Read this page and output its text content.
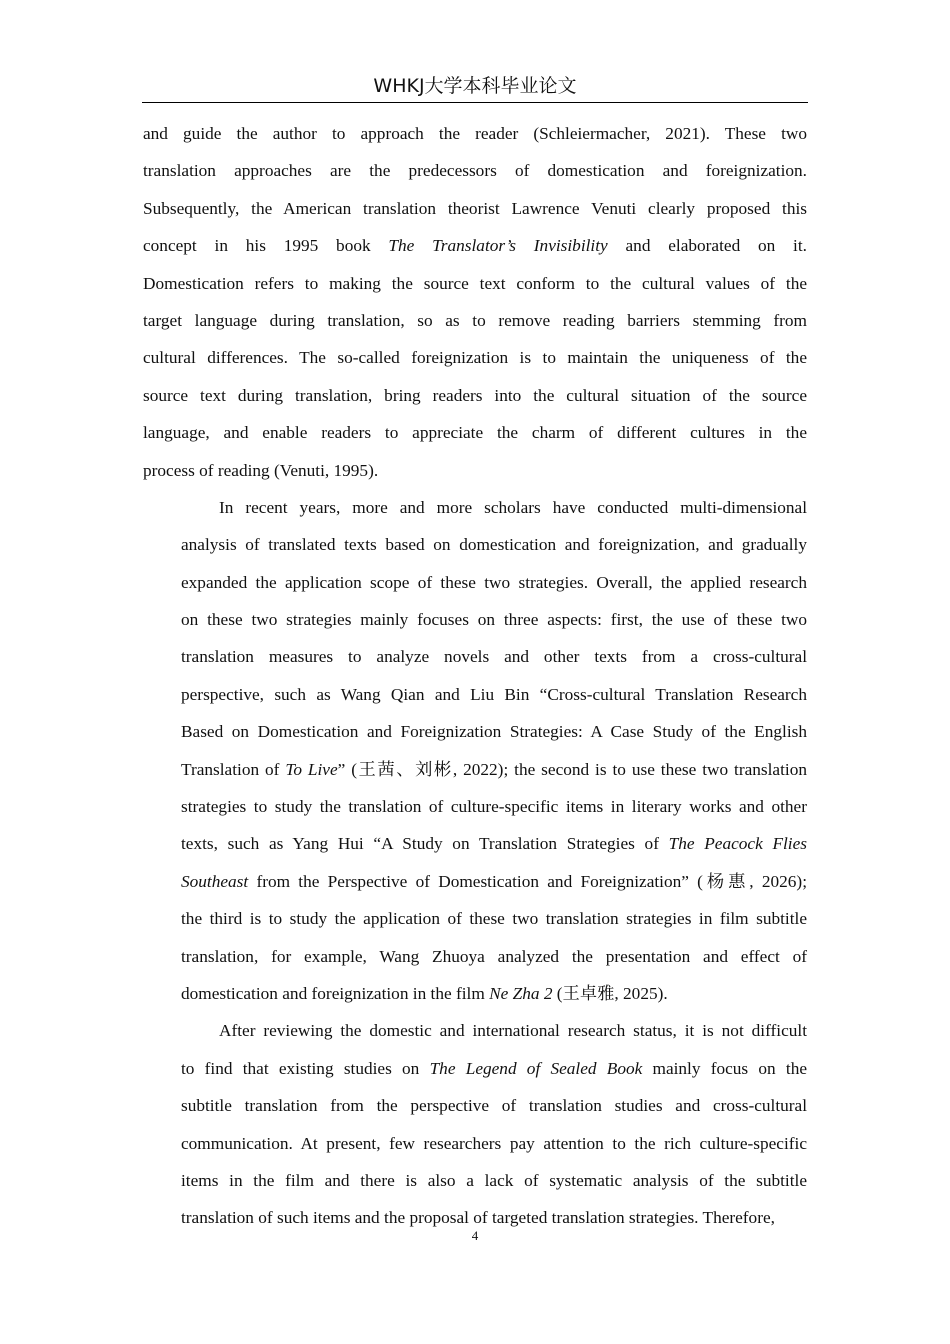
WHKJ大学本科毕业论文
and guide the author to approach the reader (Schleiermacher, 2021). These two
translation approaches are the predecessors of domestication and foreignization.
Subsequently, the American translation theorist Lawrence Venuti clearly proposed this
concept in his 1995 book The Translator’s Invisibility and elaborated on it.
Domestication refers to making the source text conform to the cultural values of the
target language during translation, so as to remove reading barriers stemming from
cultural differences. The so-called foreignization is to maintain the uniqueness of the
source text during translation, bring readers into the cultural situation of the source
language, and enable readers to appreciate the charm of different cultures in the
process of reading (Venuti, 1995).
In recent years, more and more scholars have conducted multi-dimensional
analysis of translated texts based on domestication and foreignization, and gradually
expanded the application scope of these two strategies. Overall, the applied research
on these two strategies mainly focuses on three aspects: first, the use of these two
translation measures to analyze novels and other texts from a cross-cultural
perspective, such as Wang Qian and Liu Bin “Cross-cultural Translation Research
Based on Domestication and Foreignization Strategies: A Case Study of the English
Translation of To Live” (王茜、刘彬, 2022); the second is to use these two translation
strategies to study the translation of culture-specific items in literary works and other
texts, such as Yang Hui “A Study on Translation Strategies of The Peacock Flies
Southeast from the Perspective of Domestication and Foreignization” (杨惠, 2026);
the third is to study the application of these two translation strategies in film subtitle
translation, for example, Wang Zhuoya analyzed the presentation and effect of
domestication and foreignization in the film Ne Zha 2 (王卓雅, 2025).
After reviewing the domestic and international research status, it is not difficult
to find that existing studies on The Legend of Sealed Book mainly focus on the
subtitle translation from the perspective of translation studies and cross-cultural
communication. At present, few researchers pay attention to the rich culture-specific
items in the film and there is also a lack of systematic analysis of the subtitle
translation of such items and the proposal of targeted translation strategies. Therefore,
4
